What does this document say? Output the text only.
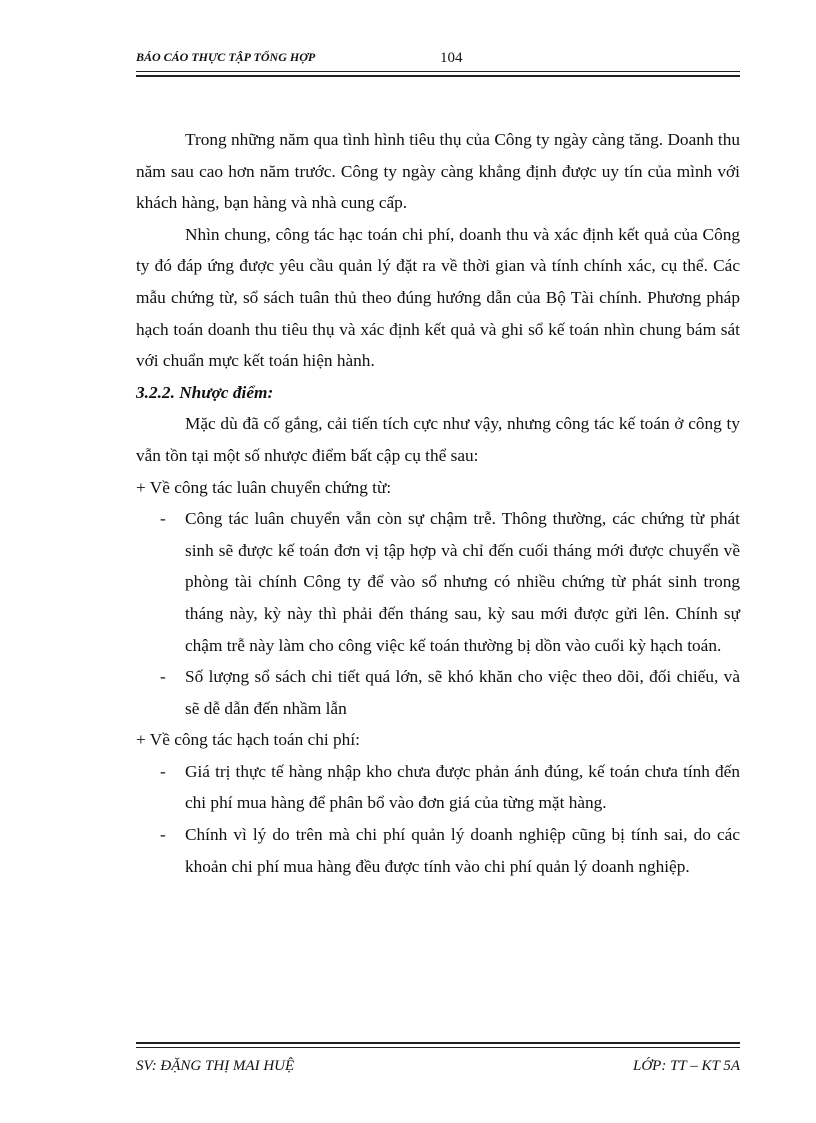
BÁO CÁO THỰC TẬP TỔNG HỢP	104

Trong những năm qua tình hình tiêu thụ của Công ty ngày càng tăng. Doanh thu năm sau cao hơn năm trước. Công ty ngày càng khẳng định được uy tín của mình với khách hàng, bạn hàng và nhà cung cấp.

Nhìn chung, công tác hạc toán chi phí, doanh thu và xác định kết quả của Công ty đó đáp ứng được yêu cầu quản lý đặt ra về thời gian và tính chính xác, cụ thể. Các mẫu chứng từ, sổ sách tuân thủ theo đúng hướng dẫn của Bộ Tài chính. Phương pháp hạch toán doanh thu tiêu thụ và xác định kết quả và ghi sổ kế toán nhìn chung bám sát với chuẩn mực kết toán hiện hành.

3.2.2. Nhược điểm:

Mặc dù đã cố gắng, cải tiến tích cực như vậy, nhưng công tác kế toán ở công ty vẫn tồn tại một số nhược điểm bất cập cụ thể sau:

+ Về công tác luân chuyển chứng từ:

- Công tác luân chuyển vẫn còn sự chậm trễ. Thông thường, các chứng từ phát sinh sẽ được kế toán đơn vị tập hợp và chỉ đến cuối tháng mới được chuyển về phòng tài chính Công ty để vào sổ nhưng có nhiều chứng từ phát sinh trong tháng này, kỳ này thì phải đến tháng sau, kỳ sau mới được gửi lên. Chính sự chậm trễ này làm cho công việc kế toán thường bị dồn vào cuối kỳ hạch toán.

- Số lượng sổ sách chi tiết quá lớn, sẽ khó khăn cho việc theo dõi, đối chiếu, và sẽ dễ dẫn đến nhầm lẫn

+ Về công tác hạch toán chi phí:

- Giá trị thực tế hàng nhập kho chưa được phản ánh đúng, kế toán chưa tính đến chi phí mua hàng để phân bổ vào đơn giá của từng mặt hàng.

- Chính vì lý do trên mà chi phí quản lý doanh nghiệp cũng bị tính sai, do các khoản chi phí mua hàng đều được tính vào chi phí quản lý doanh nghiệp.

SV: ĐẶNG THỊ MAI HUỆ	LỚP: TT – KT 5A
